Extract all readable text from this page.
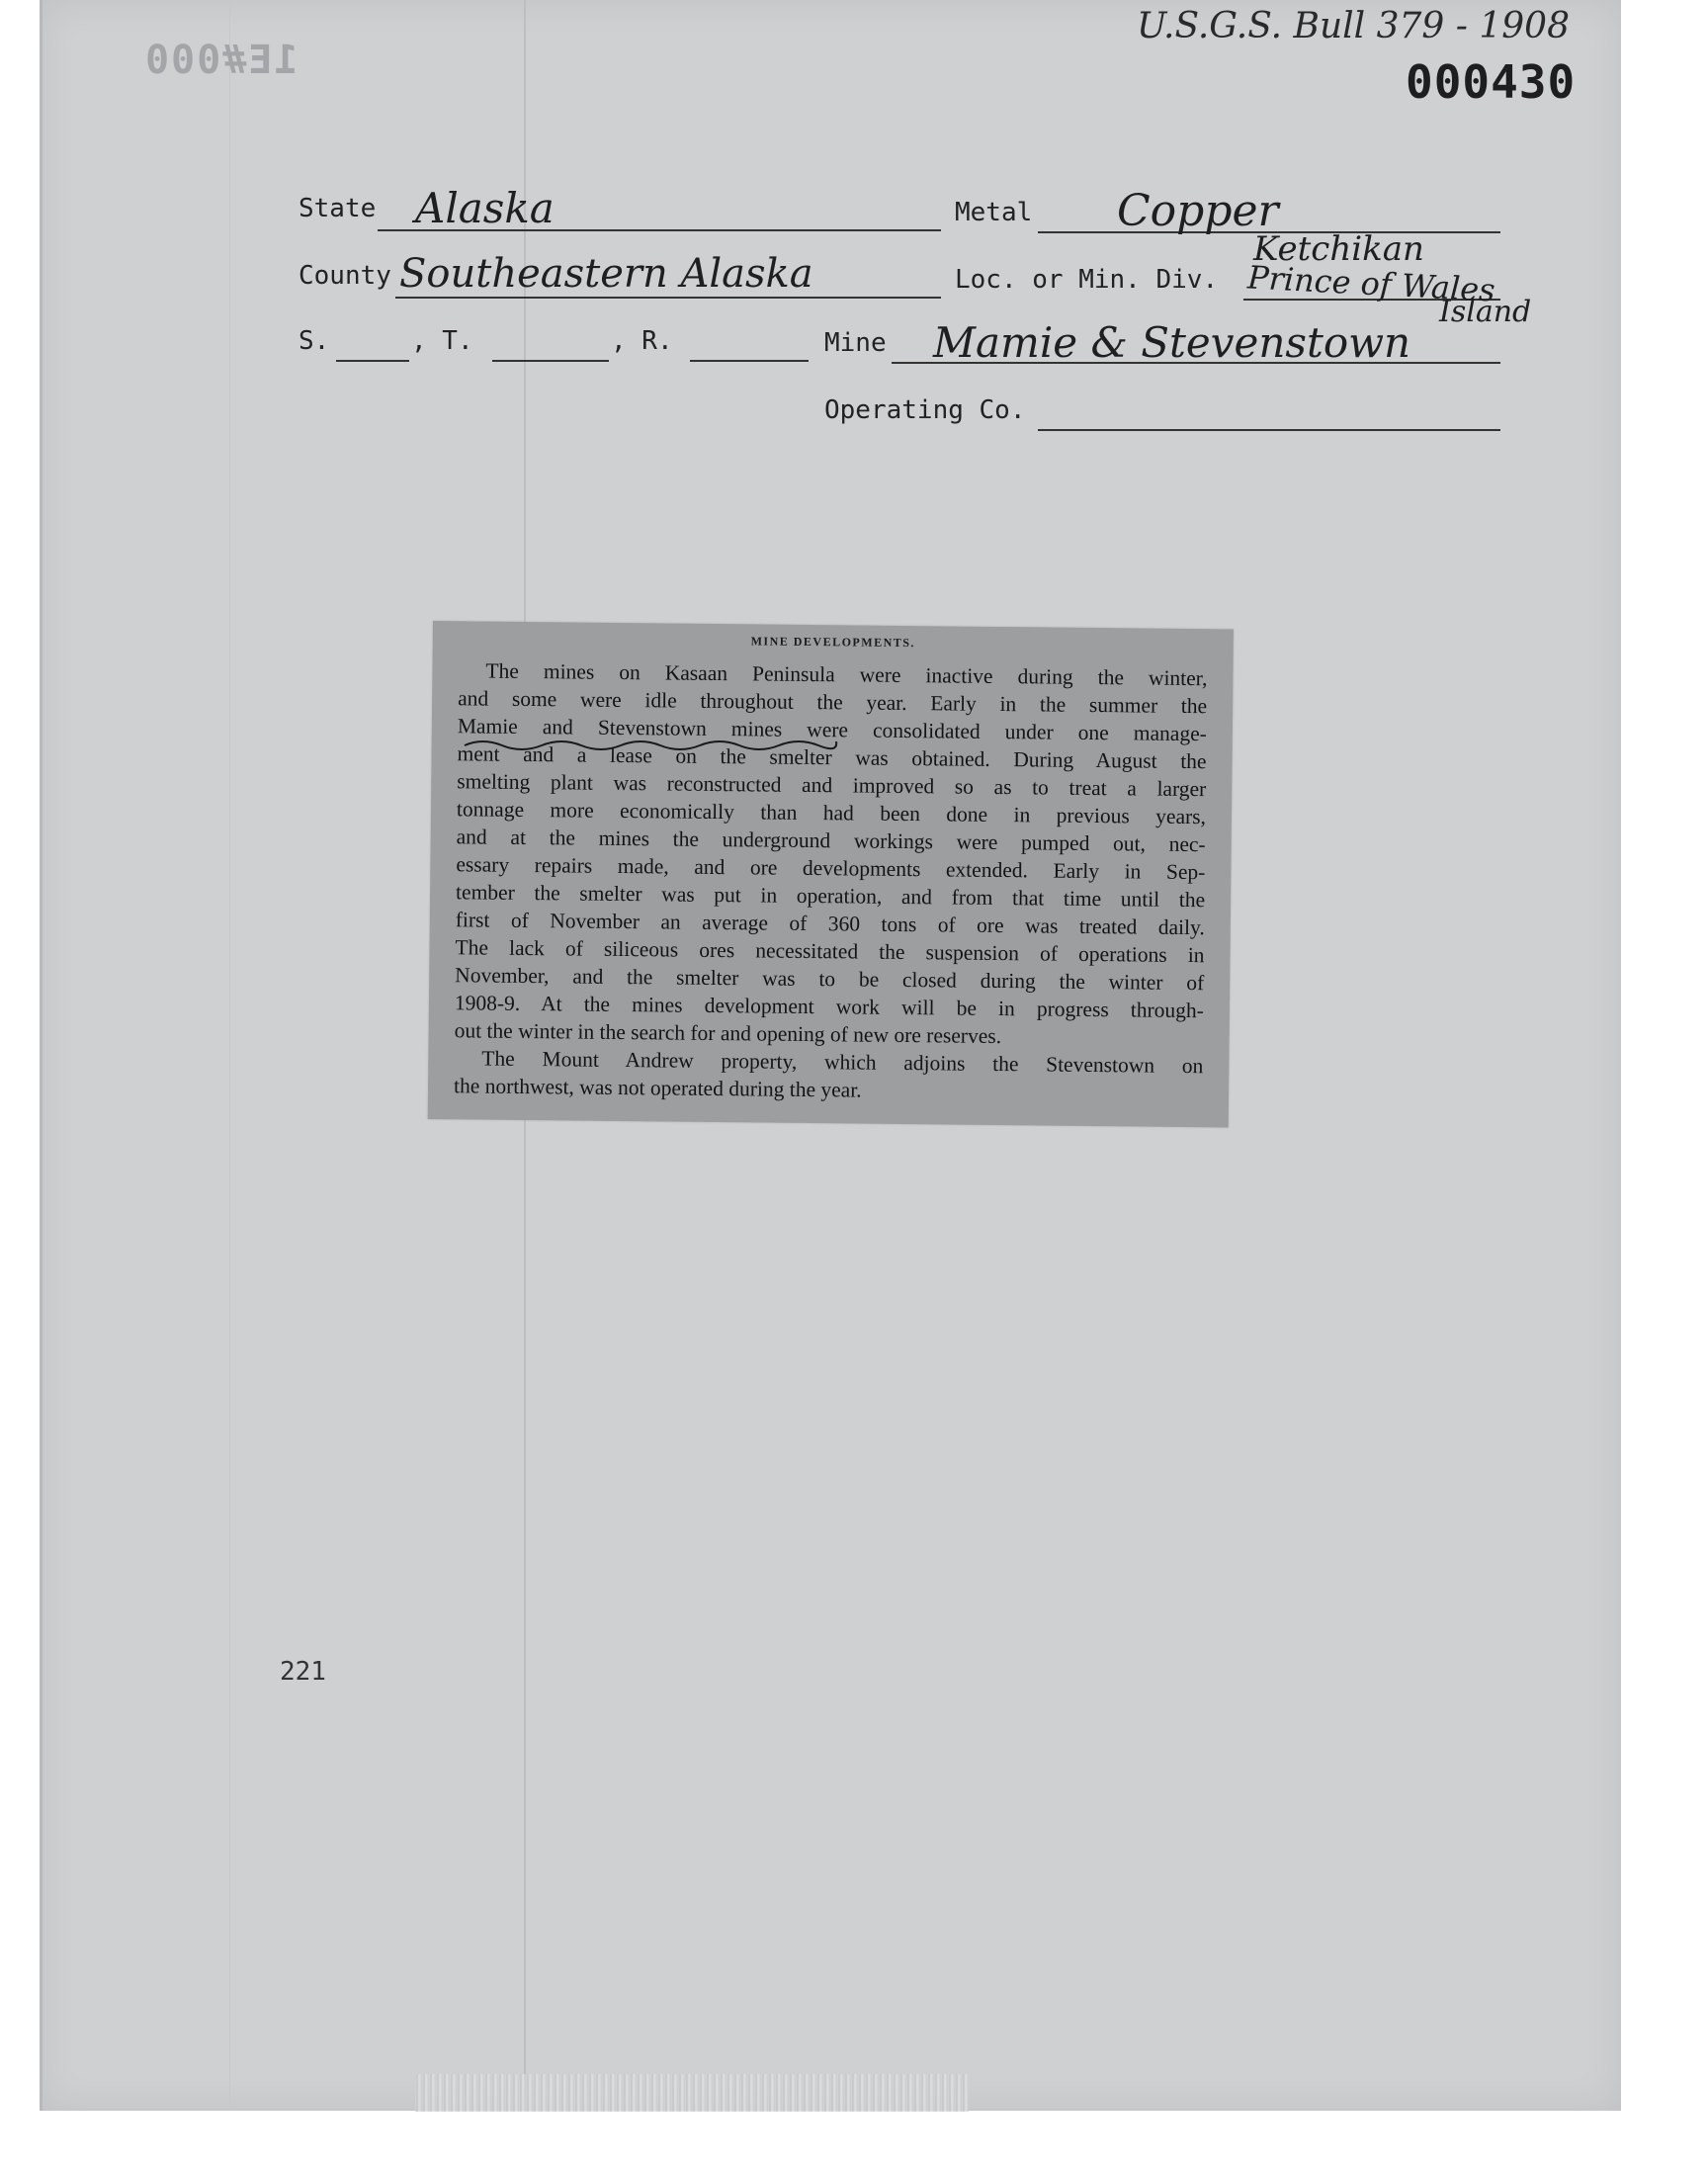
1E#000
U.S.G.S. Bull 379 - 1908
000430
State Alaska	Metal Copper
County Southeastern Alaska	Loc. or Min. Div.
Ketchikan
Prince of Wales
Island
S.	, T.	, R.	Mine Mamie & Stevenstown
Operating Co.
MINE DEVELOPMENTS.
The mines on Kasaan Peninsula were inactive during the winter,
and some were idle throughout the year. Early in the summer the
Mamie and Stevenstown mines were consolidated under one manage-
ment and a lease on the smelter was obtained. During August the
smelting plant was reconstructed and improved so as to treat a larger
tonnage more economically than had been done in previous years,
and at the mines the underground workings were pumped out, nec-
essary repairs made, and ore developments extended. Early in Sep-
tember the smelter was put in operation, and from that time until the
first of November an average of 360 tons of ore was treated daily.
The lack of siliceous ores necessitated the suspension of operations in
November, and the smelter was to be closed during the winter of
1908-9. At the mines development work will be in progress through-
out the winter in the search for and opening of new ore reserves.
The Mount Andrew property, which adjoins the Stevenstown on
the northwest, was not operated during the year.
221
